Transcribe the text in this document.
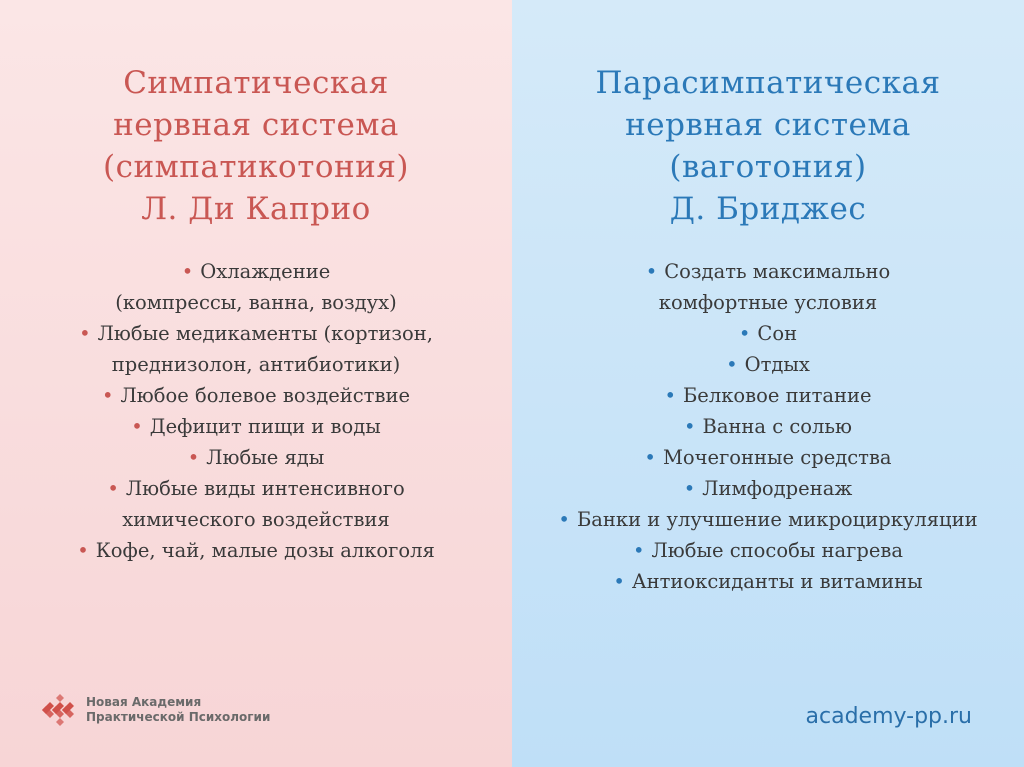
Симпатическая
нервная система
(симпатикотония)
Л. Ди Каприо
• Охлаждение
(компрессы, ванна, воздух)
• Любые медикаменты (кортизон,
преднизолон, антибиотики)
• Любое болевое воздействие
• Дефицит пищи и воды
• Любые яды
• Любые виды интенсивного
химического воздействия
• Кофе, чай, малые дозы алкоголя
Новая Академия
Практической Психологии
Парасимпатическая
нервная система
(ваготония)
Д. Бриджес
• Создать максимально
комфортные условия
• Сон
• Отдых
• Белковое питание
• Ванна с солью
• Мочегонные средства
• Лимфодренаж
• Банки и улучшение микроциркуляции
• Любые способы нагрева
• Антиоксиданты и витамины
academy-pp.ru
